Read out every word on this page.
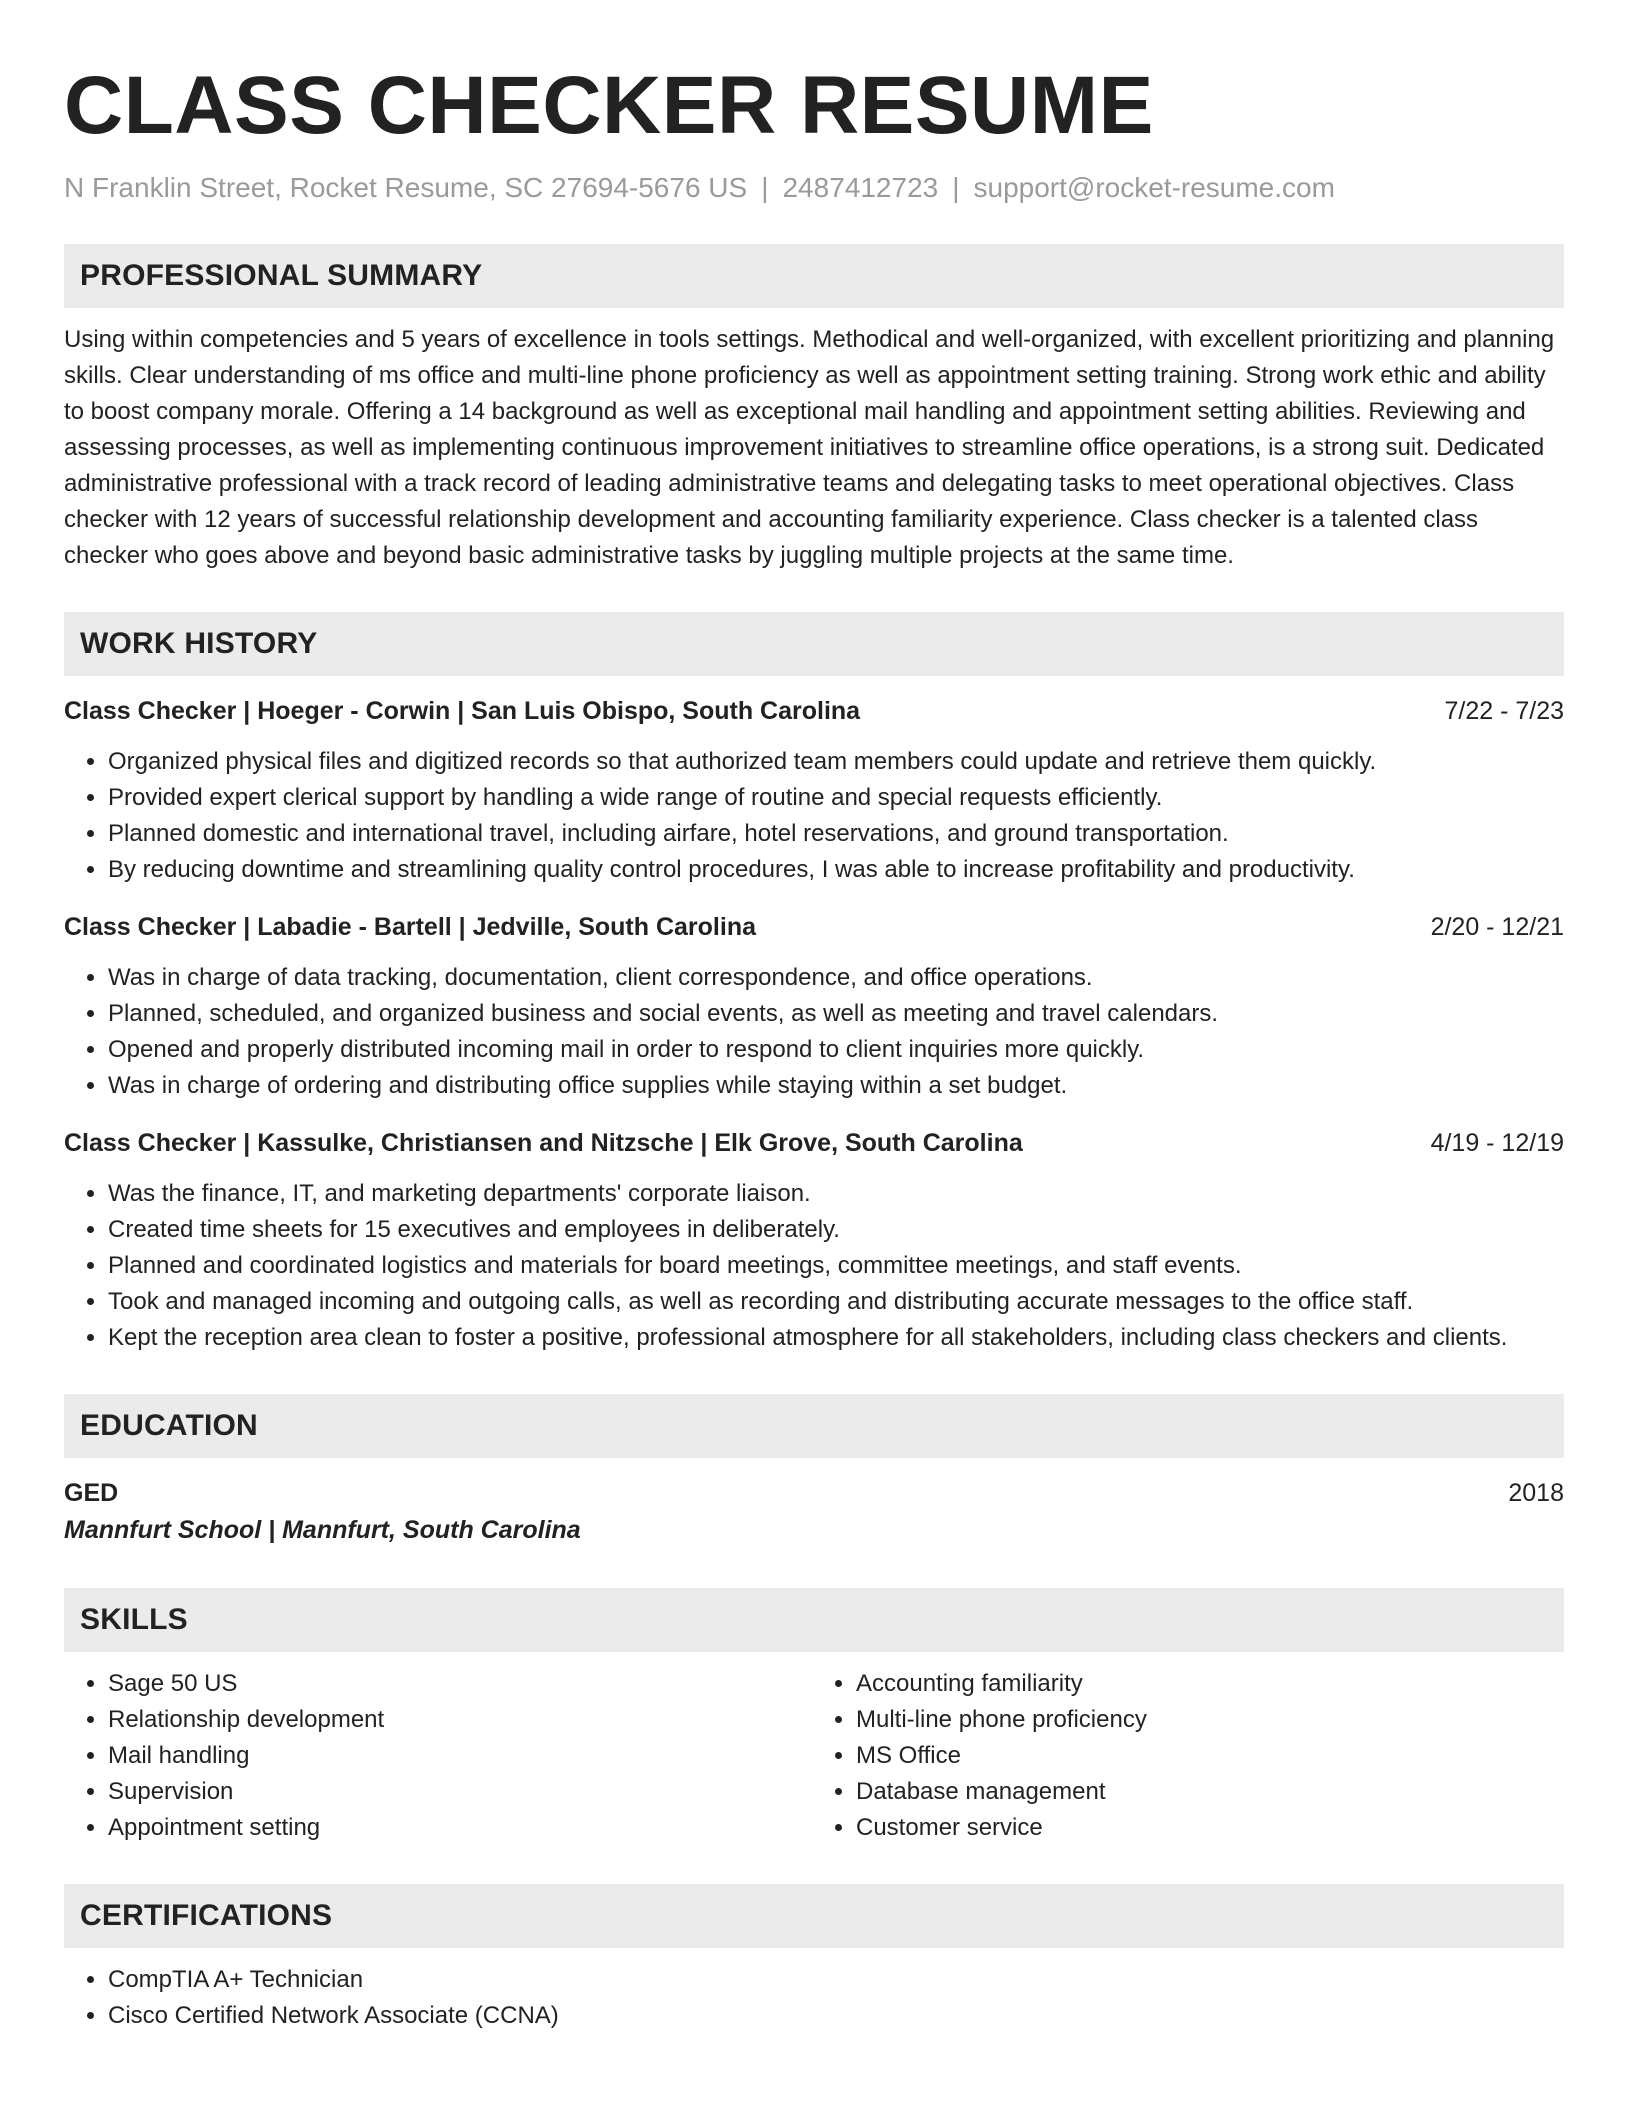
CLASS CHECKER RESUME
N Franklin Street, Rocket Resume, SC 27694-5676 US | 2487412723 | support@rocket-resume.com
PROFESSIONAL SUMMARY
Using within competencies and 5 years of excellence in tools settings. Methodical and well-organized, with excellent prioritizing and planning skills. Clear understanding of ms office and multi-line phone proficiency as well as appointment setting training. Strong work ethic and ability to boost company morale. Offering a 14 background as well as exceptional mail handling and appointment setting abilities. Reviewing and assessing processes, as well as implementing continuous improvement initiatives to streamline office operations, is a strong suit. Dedicated administrative professional with a track record of leading administrative teams and delegating tasks to meet operational objectives. Class checker with 12 years of successful relationship development and accounting familiarity experience. Class checker is a talented class checker who goes above and beyond basic administrative tasks by juggling multiple projects at the same time.
WORK HISTORY
Class Checker | Hoeger - Corwin | San Luis Obispo, South Carolina	7/22 - 7/23
• Organized physical files and digitized records so that authorized team members could update and retrieve them quickly.
• Provided expert clerical support by handling a wide range of routine and special requests efficiently.
• Planned domestic and international travel, including airfare, hotel reservations, and ground transportation.
• By reducing downtime and streamlining quality control procedures, I was able to increase profitability and productivity.
Class Checker | Labadie - Bartell | Jedville, South Carolina	2/20 - 12/21
• Was in charge of data tracking, documentation, client correspondence, and office operations.
• Planned, scheduled, and organized business and social events, as well as meeting and travel calendars.
• Opened and properly distributed incoming mail in order to respond to client inquiries more quickly.
• Was in charge of ordering and distributing office supplies while staying within a set budget.
Class Checker | Kassulke, Christiansen and Nitzsche | Elk Grove, South Carolina	4/19 - 12/19
• Was the finance, IT, and marketing departments' corporate liaison.
• Created time sheets for 15 executives and employees in deliberately.
• Planned and coordinated logistics and materials for board meetings, committee meetings, and staff events.
• Took and managed incoming and outgoing calls, as well as recording and distributing accurate messages to the office staff.
• Kept the reception area clean to foster a positive, professional atmosphere for all stakeholders, including class checkers and clients.
EDUCATION
GED	2018
Mannfurt School | Mannfurt, South Carolina
SKILLS
• Sage 50 US
• Relationship development
• Mail handling
• Supervision
• Appointment setting
• Accounting familiarity
• Multi-line phone proficiency
• MS Office
• Database management
• Customer service
CERTIFICATIONS
• CompTIA A+ Technician
• Cisco Certified Network Associate (CCNA)
